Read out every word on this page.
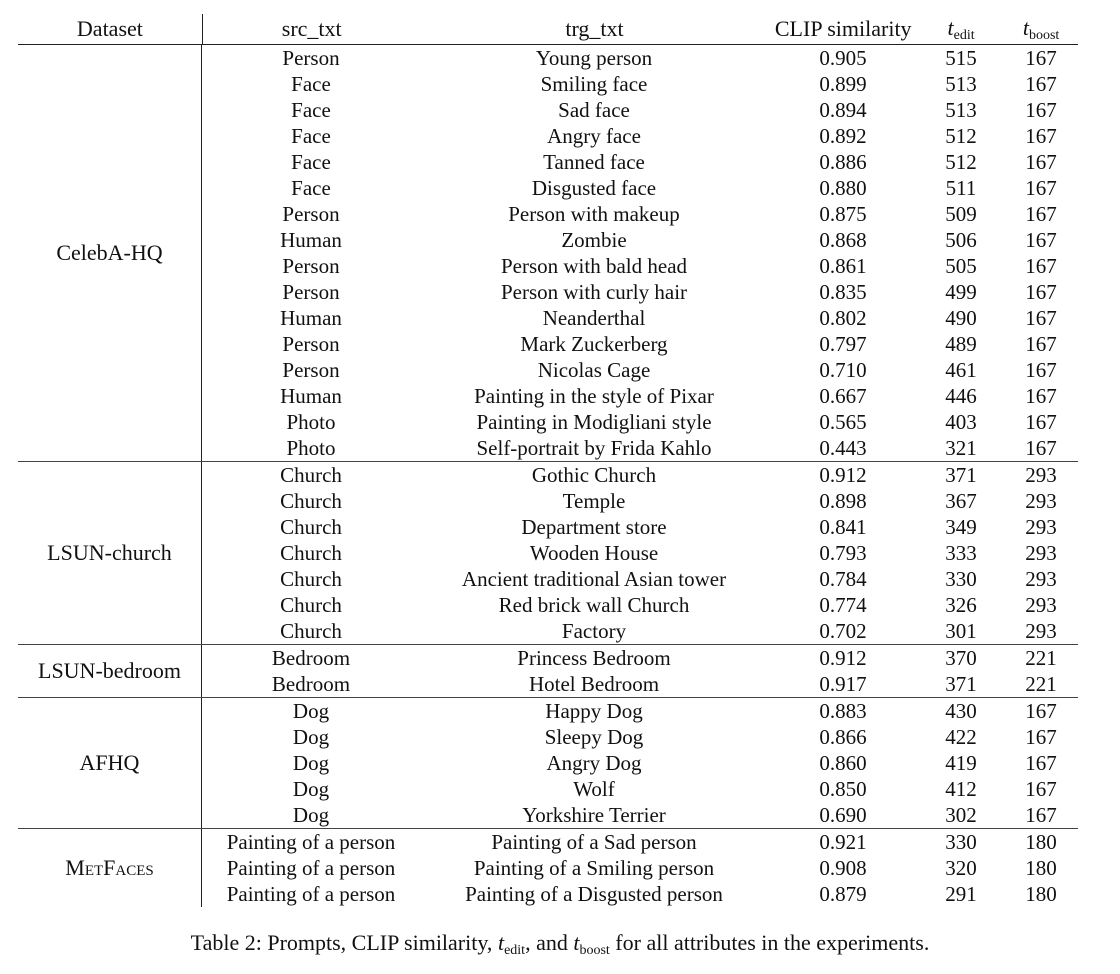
Dataset	src_txt	trg_txt	CLIP similarity	tedit	tboost
CelebA-HQ
Person	Young person	0.905	515	167
Face	Smiling face	0.899	513	167
Face	Sad face	0.894	513	167
Face	Angry face	0.892	512	167
Face	Tanned face	0.886	512	167
Face	Disgusted face	0.880	511	167
Person	Person with makeup	0.875	509	167
Human	Zombie	0.868	506	167
Person	Person with bald head	0.861	505	167
Person	Person with curly hair	0.835	499	167
Human	Neanderthal	0.802	490	167
Person	Mark Zuckerberg	0.797	489	167
Person	Nicolas Cage	0.710	461	167
Human	Painting in the style of Pixar	0.667	446	167
Photo	Painting in Modigliani style	0.565	403	167
Photo	Self-portrait by Frida Kahlo	0.443	321	167
LSUN-church
Church	Gothic Church	0.912	371	293
Church	Temple	0.898	367	293
Church	Department store	0.841	349	293
Church	Wooden House	0.793	333	293
Church	Ancient traditional Asian tower	0.784	330	293
Church	Red brick wall Church	0.774	326	293
Church	Factory	0.702	301	293
LSUN-bedroom	Bedroom	Princess Bedroom	0.912	370	221
Bedroom	Hotel Bedroom	0.917	371	221
AFHQ
Dog	Happy Dog	0.883	430	167
Dog	Sleepy Dog	0.866	422	167
Dog	Angry Dog	0.860	419	167
Dog	Wolf	0.850	412	167
Dog	Yorkshire Terrier	0.690	302	167
MetFaces
Painting of a person	Painting of a Sad person	0.921	330	180
Painting of a person	Painting of a Smiling person	0.908	320	180
Painting of a person	Painting of a Disgusted person	0.879	291	180
Table 2: Prompts, CLIP similarity, tedit, and tboost for all attributes in the experiments.
